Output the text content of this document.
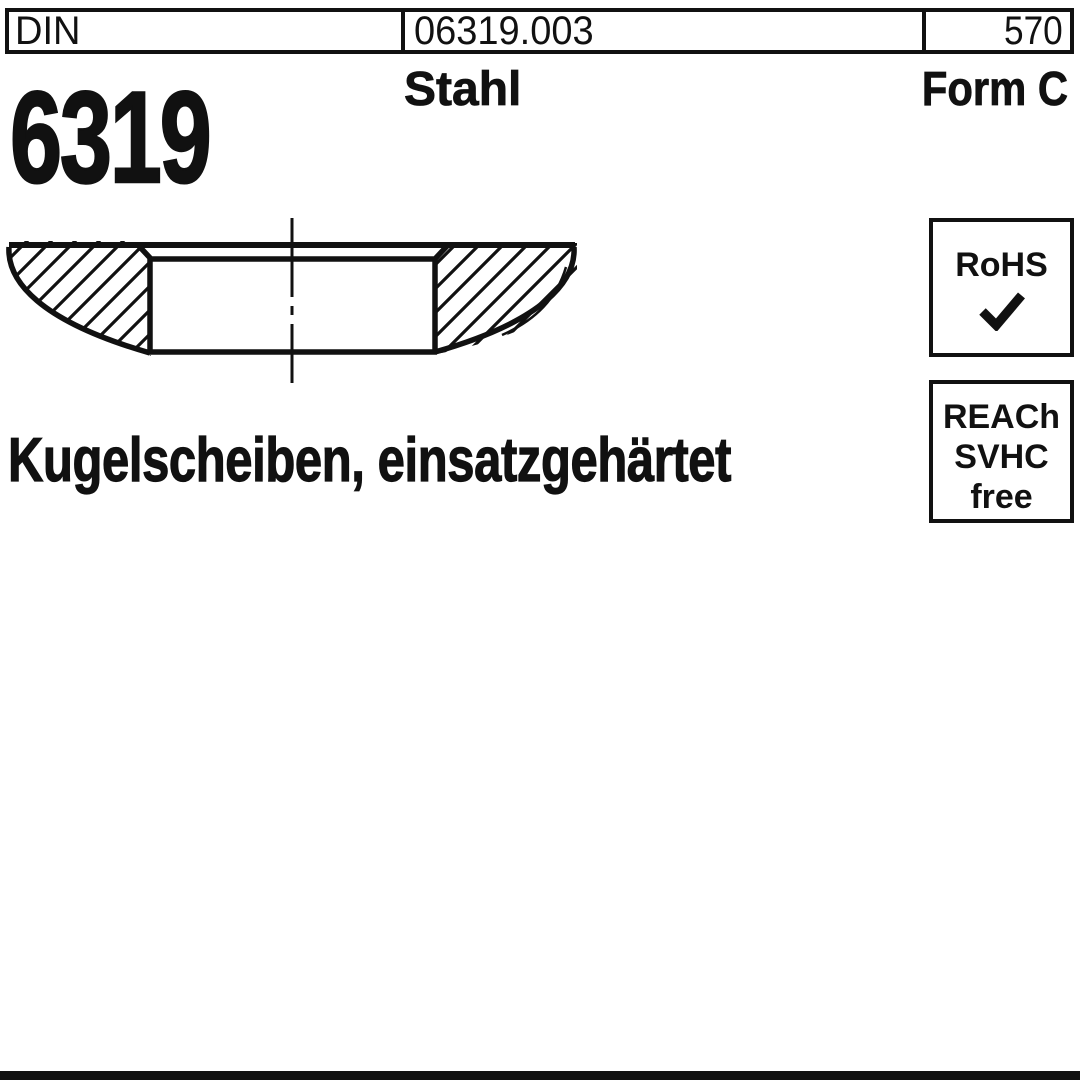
DIN	06319.003	570
6319	Stahl	Form C
Kugelscheiben, einsatzgehärtet
RoHS
REACh
SVHC
free
